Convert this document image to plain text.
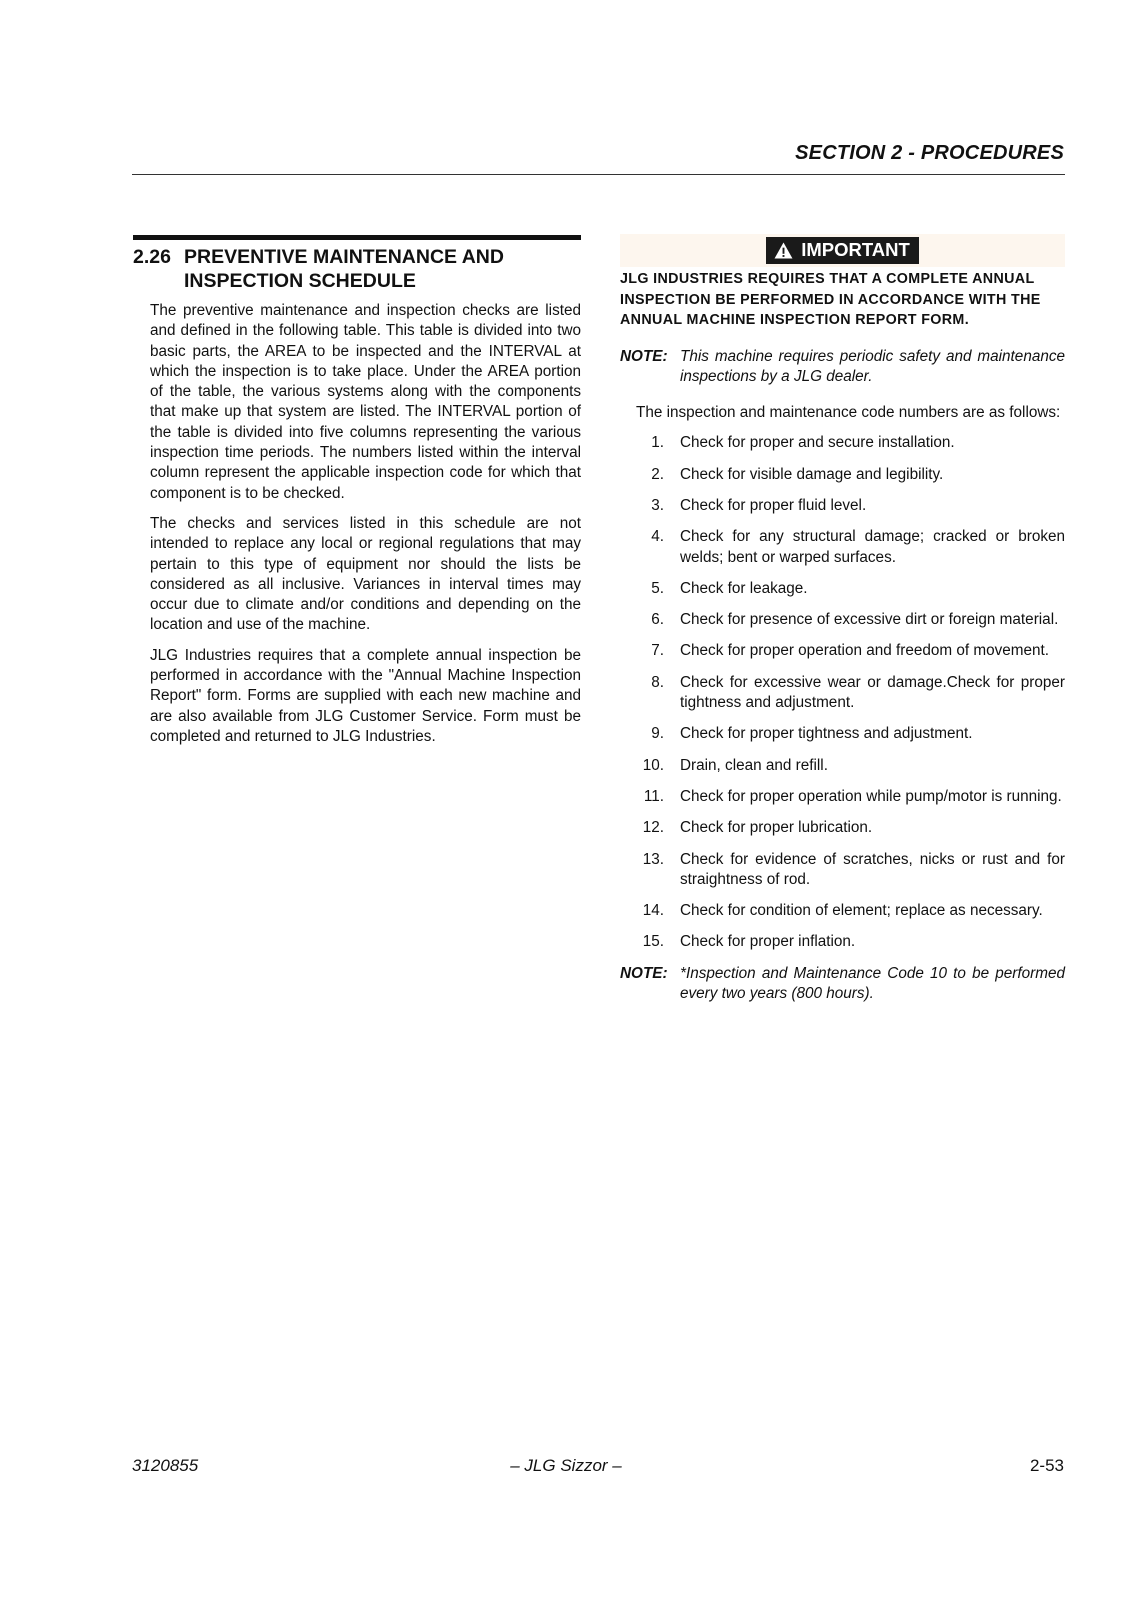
SECTION 2 - PROCEDURES
2.26 PREVENTIVE MAINTENANCE AND INSPECTION SCHEDULE

The preventive maintenance and inspection checks are listed and defined in the following table. This table is divided into two basic parts, the AREA to be inspected and the INTERVAL at which the inspection is to take place. Under the AREA portion of the table, the various systems along with the components that make up that system are listed. The INTERVAL portion of the table is divided into five columns representing the various inspection time periods. The numbers listed within the interval column represent the applicable inspection code for which that component is to be checked.

The checks and services listed in this schedule are not intended to replace any local or regional regulations that may pertain to this type of equipment nor should the lists be considered as all inclusive. Variances in interval times may occur due to climate and/or conditions and depending on the location and use of the machine.

JLG Industries requires that a complete annual inspection be performed in accordance with the "Annual Machine Inspection Report" form. Forms are supplied with each new machine and are also available from JLG Customer Service. Form must be completed and returned to JLG Industries.

IMPORTANT

JLG INDUSTRIES REQUIRES THAT A COMPLETE ANNUAL INSPECTION BE PERFORMED IN ACCORDANCE WITH THE ANNUAL MACHINE INSPECTION REPORT FORM.

NOTE: This machine requires periodic safety and maintenance inspections by a JLG dealer.

The inspection and maintenance code numbers are as follows:

1.	Check for proper and secure installation.
2.	Check for visible damage and legibility.
3.	Check for proper fluid level.
4.	Check for any structural damage; cracked or broken welds; bent or warped surfaces.
5.	Check for leakage.
6.	Check for presence of excessive dirt or foreign material.
7.	Check for proper operation and freedom of movement.
8.	Check for excessive wear or damage.Check for proper tightness and adjustment.
9.	Check for proper tightness and adjustment.
10.	Drain, clean and refill.
11.	Check for proper operation while pump/motor is running.
12.	Check for proper lubrication.
13.	Check for evidence of scratches, nicks or rust and for straightness of rod.
14.	Check for condition of element; replace as necessary.
15.	Check for proper inflation.
NOTE: *Inspection and Maintenance Code 10 to be performed every two years (800 hours).
3120855	– JLG Sizzor –	2-53
